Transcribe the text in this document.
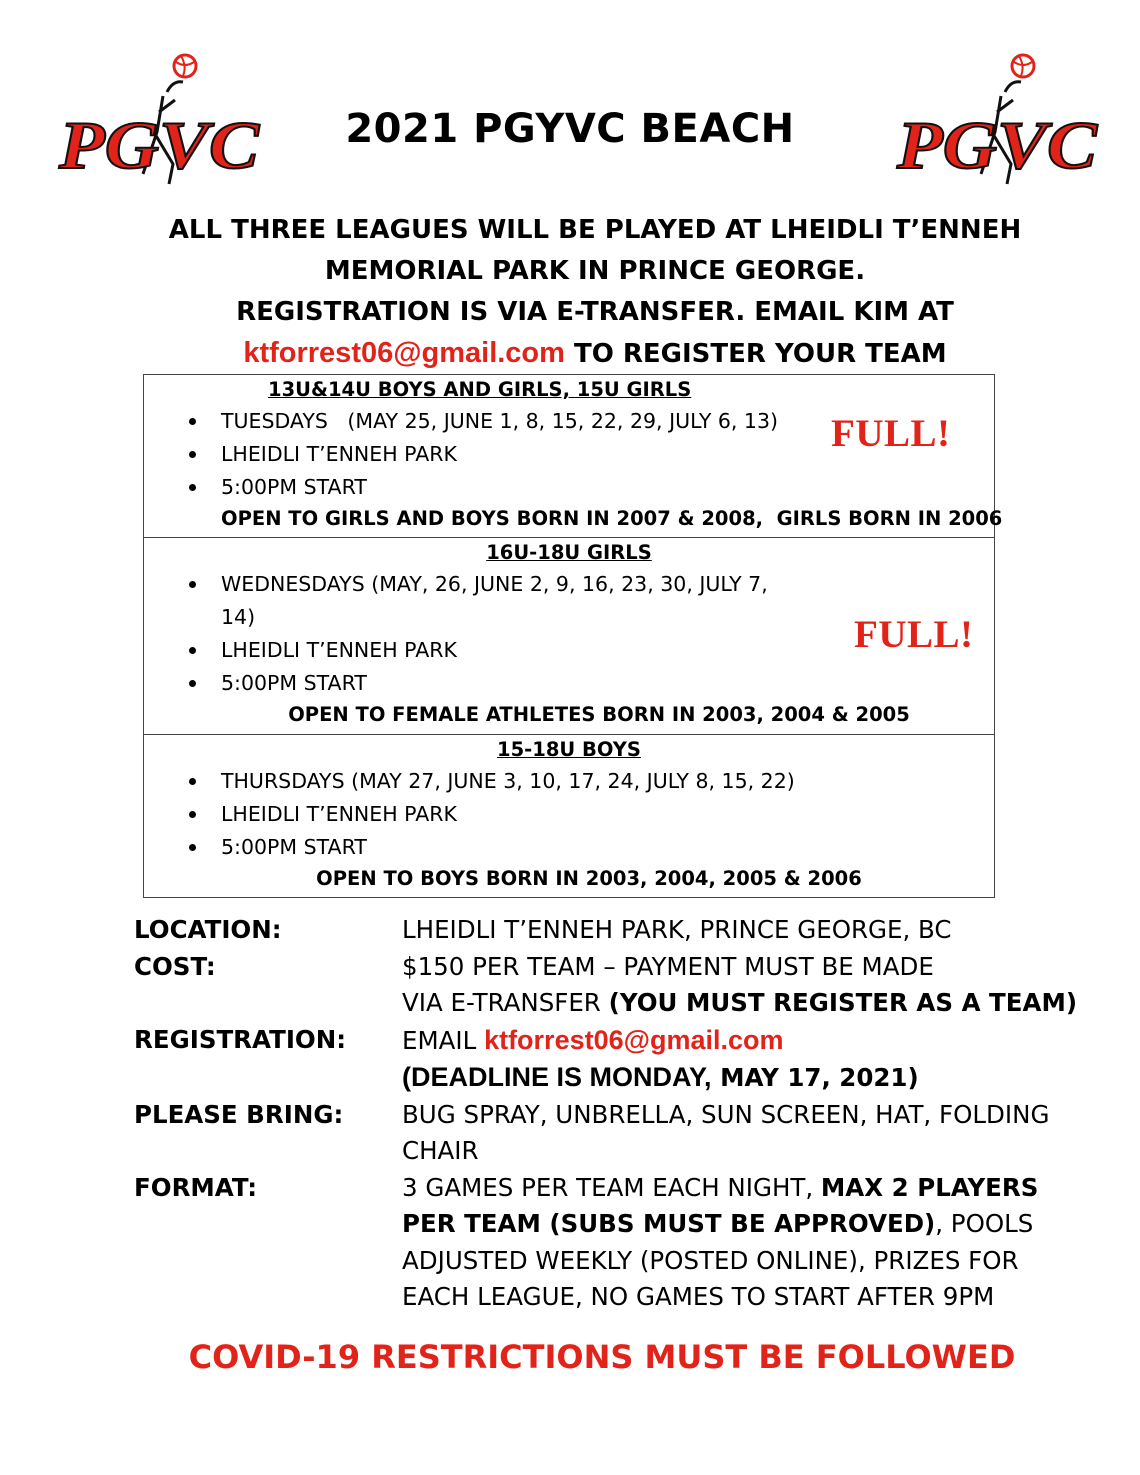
PGVC	PGVC
2021 PGYVC BEACH
ALL THREE LEAGUES WILL BE PLAYED AT LHEIDLI T’ENNEH
MEMORIAL PARK IN PRINCE GEORGE.
REGISTRATION IS VIA E-TRANSFER. EMAIL KIM AT
ktforrest06@gmail.com TO REGISTER YOUR TEAM
13U&14U BOYS AND GIRLS, 15U GIRLS
TUESDAYS   (MAY 25, JUNE 1, 8, 15, 22, 29, JULY 6, 13)
LHEIDLI T’ENNEH PARK
5:00PM START
OPEN TO GIRLS AND BOYS BORN IN 2007 & 2008,  GIRLS BORN IN 2006
FULL!
16U-18U GIRLS
WEDNESDAYS (MAY, 26, JUNE 2, 9, 16, 23, 30, JULY 7, 14)
LHEIDLI T’ENNEH PARK
5:00PM START
OPEN TO FEMALE ATHLETES BORN IN 2003, 2004 & 2005
FULL!
15-18U BOYS
THURSDAYS (MAY 27, JUNE 3, 10, 17, 24, JULY 8, 15, 22)
LHEIDLI T’ENNEH PARK
5:00PM START
OPEN TO BOYS BORN IN 2003, 2004, 2005 & 2006
LOCATION:	LHEIDLI T’ENNEH PARK, PRINCE GEORGE, BC
COST:	$150 PER TEAM – PAYMENT MUST BE MADE
VIA E-TRANSFER (YOU MUST REGISTER AS A TEAM)
REGISTRATION:	EMAIL ktforrest06@gmail.com
(DEADLINE IS MONDAY, MAY 17, 2021)
PLEASE BRING:	BUG SPRAY, UNBRELLA, SUN SCREEN, HAT, FOLDING CHAIR
FORMAT:	3 GAMES PER TEAM EACH NIGHT, MAX 2 PLAYERS PER TEAM (SUBS MUST BE APPROVED), POOLS ADJUSTED WEEKLY (POSTED ONLINE), PRIZES FOR EACH LEAGUE, NO GAMES TO START AFTER 9PM
COVID-19 RESTRICTIONS MUST BE FOLLOWED
